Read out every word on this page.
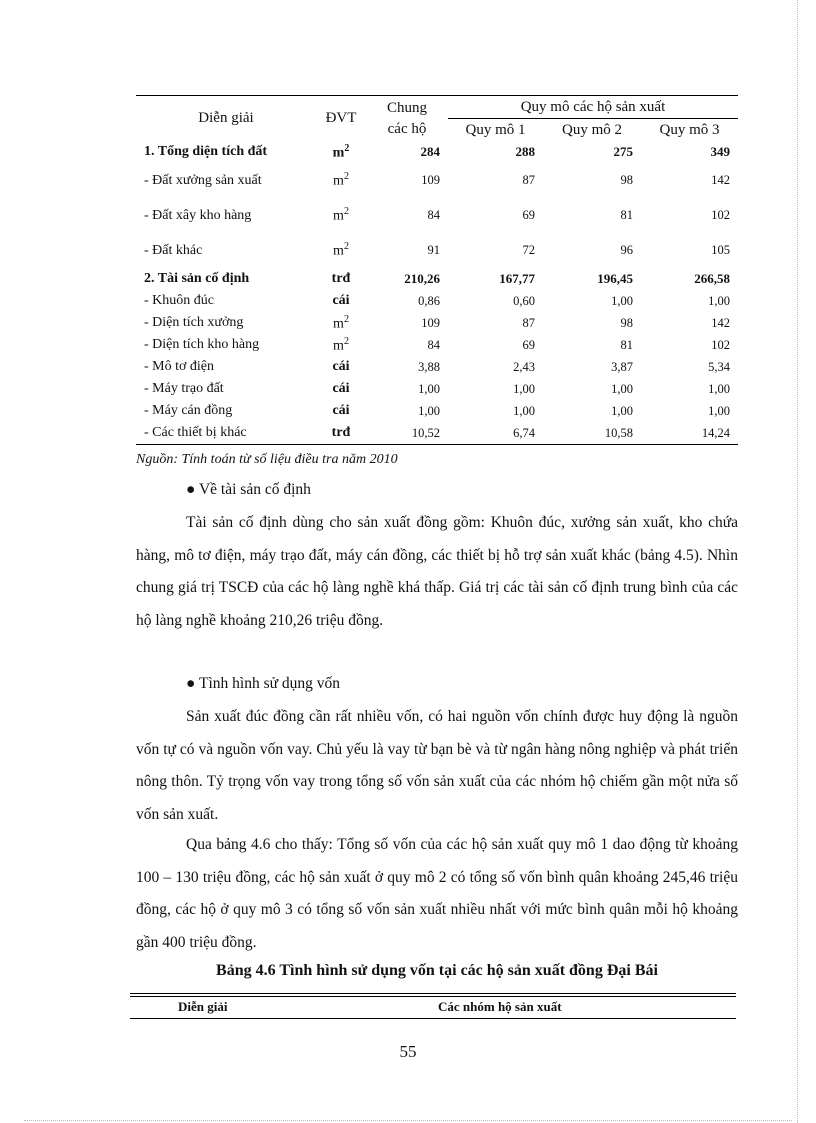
Diễn giải	ĐVT	Chung
các hộ	Quy mô các hộ sản xuất		
			Quy mô 1	Quy mô 2	Quy mô 3
1. Tổng diện tích đất	$m^2$	284	288	275	349
- Đất xưởng sản xuất	$m^2$	109	87	98	142
- Đất xây kho hàng	$m^2$	84	69	81	102
- Đất khác	$m^2$	91	72	96	105
2. Tài sản cố định	trđ	210,26	167,77	196,45	266,58
- Khuôn đúc	cái	0,86	0,60	1,00	1,00
- Diện tích xưởng	$m^2$	109	87	98	142
- Diện tích kho hàng	$m^2$	84	69	81	102
- Mô tơ điện	cái	3,88	2,43	3,87	5,34
- Máy trạo đất	cái	1,00	1,00	1,00	1,00
- Máy cán đồng	cái	1,00	1,00	1,00	1,00
- Các thiết bị khác	trđ	10,52	6,74	10,58	14,24
Nguồn: Tính toán từ số liệu điều tra năm 2010
● Về tài sản cố định

Tài sản cố định dùng cho sản xuất đồng gồm: Khuôn đúc, xưởng sản xuất, kho chứa hàng, mô tơ điện, máy trạo đất, máy cán đồng, các thiết bị hỗ trợ sản xuất khác (bảng 4.5). Nhìn chung giá trị TSCĐ của các hộ làng nghề khá thấp. Giá trị các tài sản cố định trung bình của các hộ làng nghề khoảng 210,26 triệu đồng.

● Tình hình sử dụng vốn

Sản xuất đúc đồng cần rất nhiều vốn, có hai nguồn vốn chính được huy động là nguồn vốn tự có và nguồn vốn vay. Chủ yếu là vay từ bạn bè và từ ngân hàng nông nghiệp và phát triển nông thôn. Tỷ trọng vốn vay trong tổng số vốn sản xuất của các nhóm hộ chiếm gần một nửa số vốn sản xuất.

Qua bảng 4.6 cho thấy: Tổng số vốn của các hộ sản xuất quy mô 1 dao động từ khoảng 100 – 130 triệu đồng, các hộ sản xuất ở quy mô 2 có tổng số vốn bình quân khoảng 245,46 triệu đồng, các hộ ở quy mô 3 có tổng số vốn sản xuất nhiều nhất với mức bình quân mỗi hộ khoảng gần 400 triệu đồng.

Bảng 4.6 Tình hình sử dụng vốn tại các hộ sản xuất đồng Đại Bái
Diễn giải	Các nhóm hộ sản xuất
55
